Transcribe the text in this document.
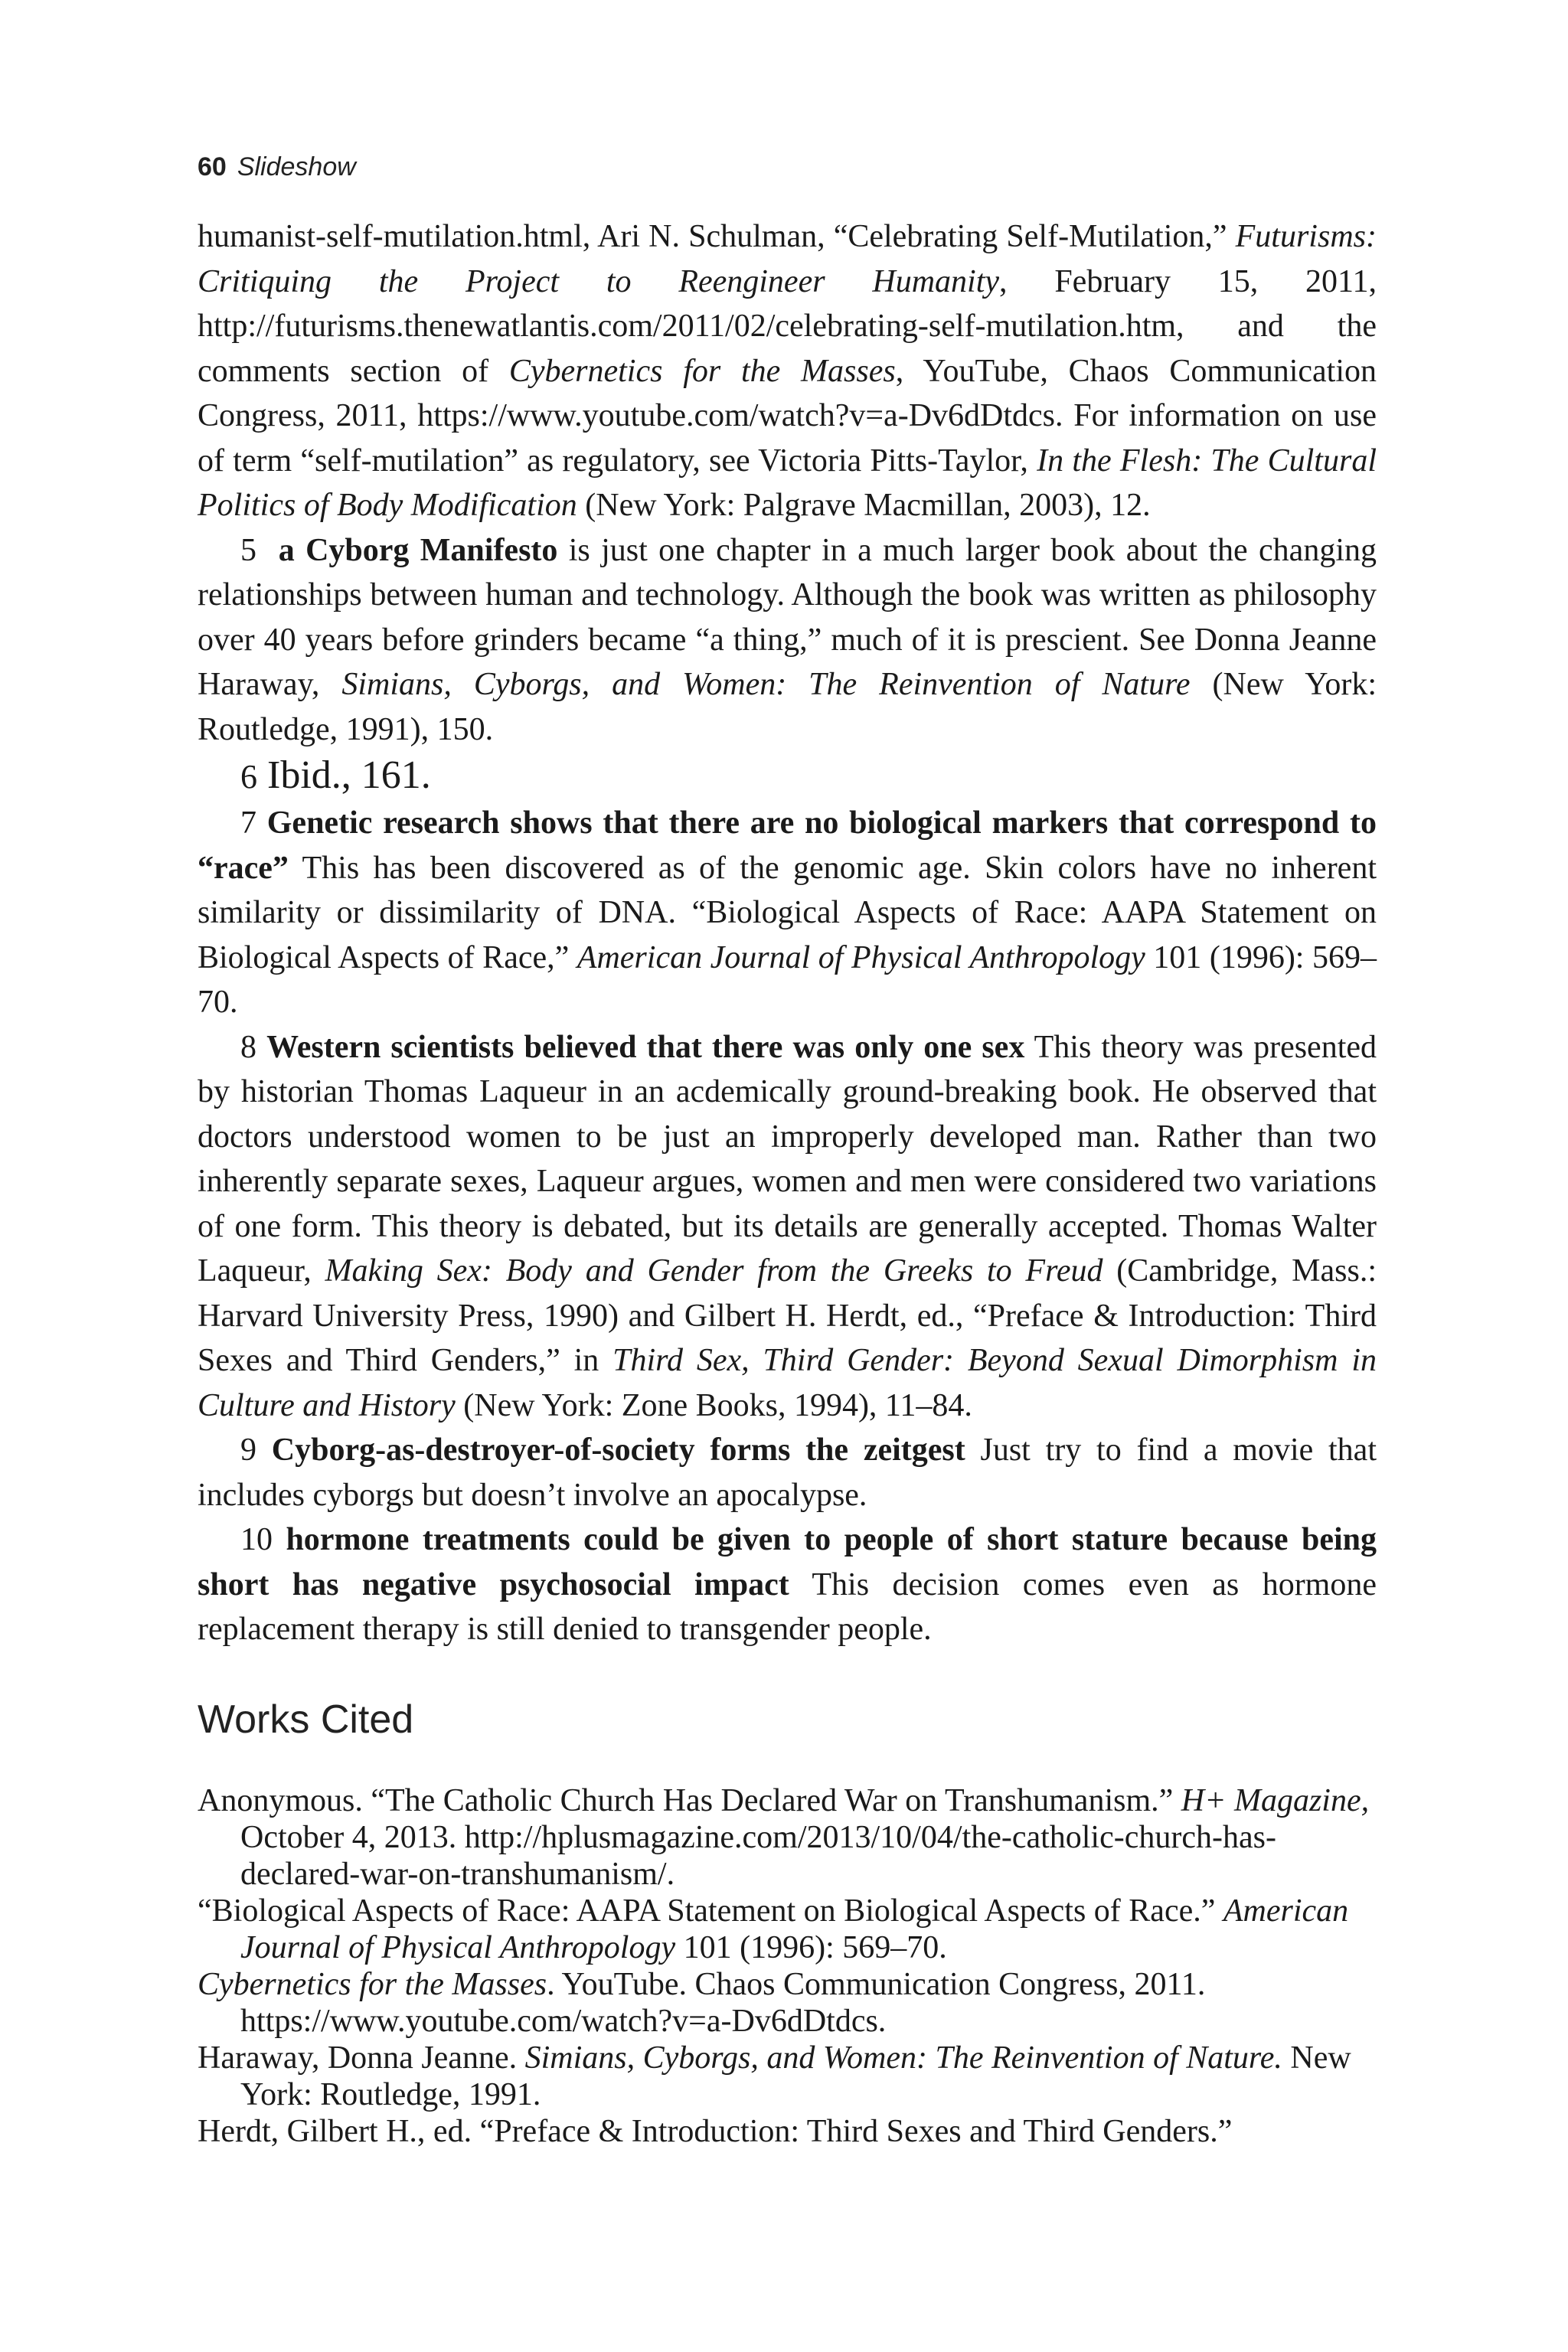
60 Slideshow

humanist-self-mutilation.html, Ari N. Schulman, “Celebrating Self-Mutilation,” Futurisms: Critiquing the Project to Reengineer Humanity, February 15, 2011, http://futurisms.thenewatlantis.com/2011/02/celebrating-self-mutilation.htm, and the comments section of Cybernetics for the Masses, YouTube, Chaos Communication Congress, 2011, https://www.youtube.com/watch?v=a-Dv6dDtdcs. For information on use of term “self-mutilation” as regulatory, see Victoria Pitts-Taylor, In the Flesh: The Cultural Politics of Body Modification (New York: Palgrave Macmillan, 2003), 12.

5 a Cyborg Manifesto is just one chapter in a much larger book about the changing relationships between human and technology. Although the book was written as philosophy over 40 years before grinders became “a thing,” much of it is prescient. See Donna Jeanne Haraway, Simians, Cyborgs, and Women: The Reinvention of Nature (New York: Routledge, 1991), 150.

6 Ibid., 161.

7 Genetic research shows that there are no biological markers that correspond to “race” This has been discovered as of the genomic age. Skin colors have no inherent similarity or dissimilarity of DNA. “Biological Aspects of Race: AAPA Statement on Biological Aspects of Race,” American Journal of Physical Anthropology 101 (1996): 569–70.

8 Western scientists believed that there was only one sex This theory was presented by historian Thomas Laqueur in an acdemically ground-breaking book. He observed that doctors understood women to be just an improperly developed man. Rather than two inherently separate sexes, Laqueur argues, women and men were considered two variations of one form. This theory is debated, but its details are generally accepted. Thomas Walter Laqueur, Making Sex: Body and Gender from the Greeks to Freud (Cambridge, Mass.: Harvard University Press, 1990) and Gilbert H. Herdt, ed., “Preface & Introduction: Third Sexes and Third Genders,” in Third Sex, Third Gender: Beyond Sexual Dimorphism in Culture and History (New York: Zone Books, 1994), 11–84.

9 Cyborg-as-destroyer-of-society forms the zeitgest Just try to find a movie that includes cyborgs but doesn’t involve an apocalypse.

10 hormone treatments could be given to people of short stature because being short has negative psychosocial impact This decision comes even as hormone replacement therapy is still denied to transgender people.

Works Cited

Anonymous. “The Catholic Church Has Declared War on Transhumanism.” H+ Magazine, October 4, 2013. http://hplusmagazine.com/2013/10/04/the-catholic-church-has-declared-war-on-transhumanism/.

“Biological Aspects of Race: AAPA Statement on Biological Aspects of Race.” American Journal of Physical Anthropology 101 (1996): 569–70.

Cybernetics for the Masses. YouTube. Chaos Communication Congress, 2011. https://www.youtube.com/watch?v=a-Dv6dDtdcs.

Haraway, Donna Jeanne. Simians, Cyborgs, and Women: The Reinvention of Nature. New York: Routledge, 1991.

Herdt, Gilbert H., ed. “Preface & Introduction: Third Sexes and Third Genders.”
